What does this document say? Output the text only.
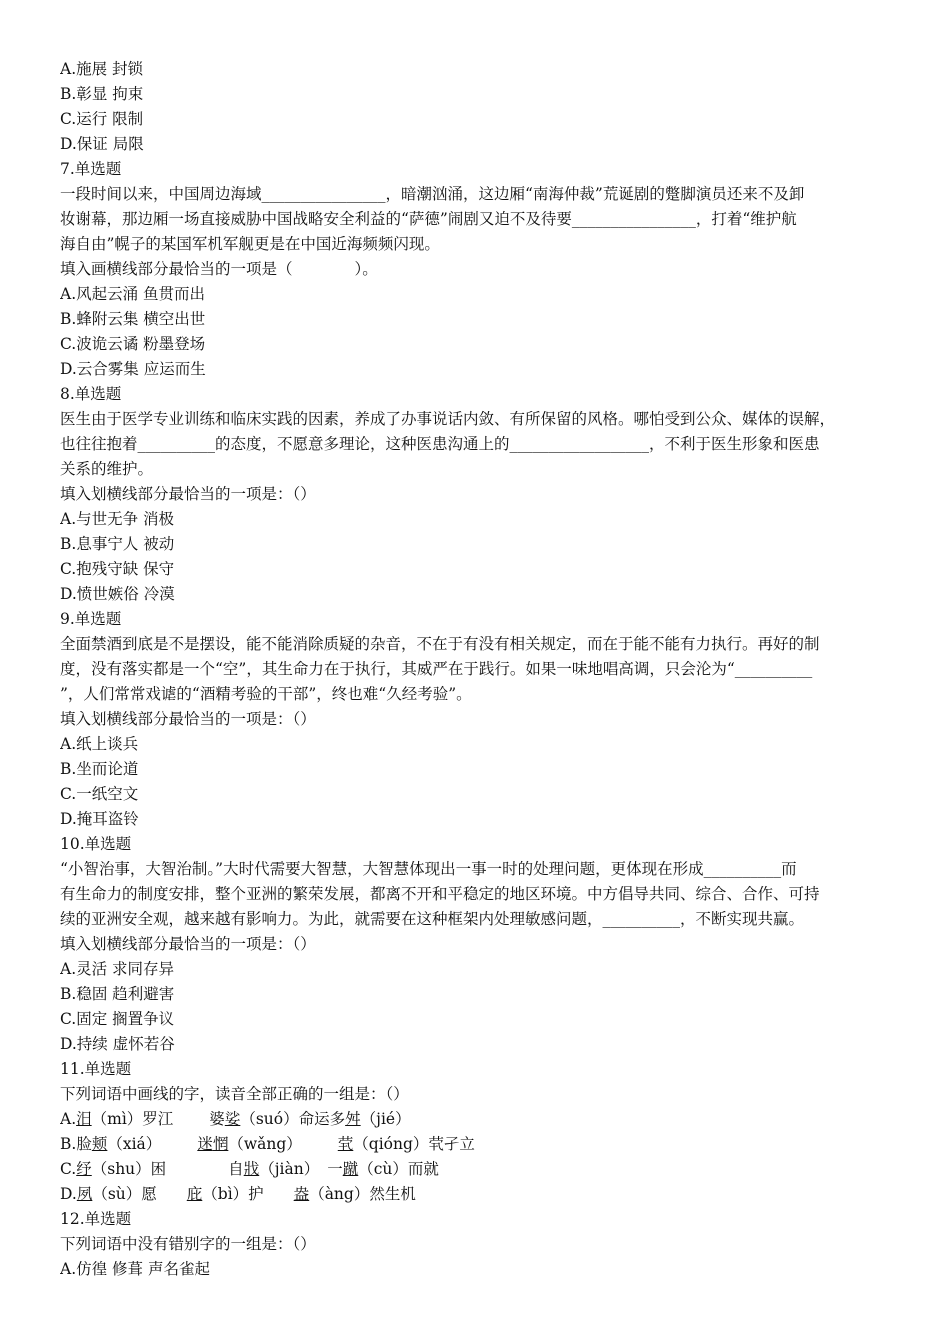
A.施展 封锁
B.彰显 拘束
C.运行 限制
D.保证 局限
7.单选题
一段时间以来，中国周边海域________________，暗潮汹涌，这边厢“南海仲裁”荒诞剧的蹩脚演员还来不及卸
妆谢幕，那边厢一场直接威胁中国战略安全利益的“萨德”闹剧又迫不及待要________________，打着“维护航
海自由”幌子的某国军机军舰更是在中国近海频频闪现。
填入画横线部分最恰当的一项是（　　　　）。
A.风起云涌 鱼贯而出
B.蜂附云集 横空出世
C.波诡云谲 粉墨登场
D.云合雾集 应运而生
8.单选题
医生由于医学专业训练和临床实践的因素，养成了办事说话内敛、有所保留的风格。哪怕受到公众、媒体的误解，
也往往抱着__________的态度，不愿意多理论，这种医患沟通上的__________________，不利于医生形象和医患
关系的维护。
填入划横线部分最恰当的一项是：（）
A.与世无争 消极
B.息事宁人 被动
C.抱残守缺 保守
D.愤世嫉俗 冷漠
9.单选题
全面禁酒到底是不是摆设，能不能消除质疑的杂音，不在于有没有相关规定，而在于能不能有力执行。再好的制
度，没有落实都是一个“空”，其生命力在于执行，其威严在于践行。如果一味地唱高调，只会沦为“__________
”，人们常常戏谑的“酒精考验的干部”，终也难“久经考验”。
填入划横线部分最恰当的一项是：（）
A.纸上谈兵
B.坐而论道
C.一纸空文
D.掩耳盗铃
10.单选题
“小智治事，大智治制。”大时代需要大智慧，大智慧体现出一事一时的处理问题，更体现在形成__________而
有生命力的制度安排，整个亚洲的繁荣发展，都离不开和平稳定的地区环境。中方倡导共同、综合、合作、可持
续的亚洲安全观，越来越有影响力。为此，就需要在这种框架内处理敏感问题，__________，不断实现共赢。
填入划横线部分最恰当的一项是：（）
A.灵活 求同存异
B.稳固 趋利避害
C.固定 搁置争议
D.持续 虚怀若谷
11.单选题
下列词语中画线的字，读音全部正确的一组是：（）
A.汨（mì）罗江 婆娑（suó）命运多舛（jié）
B.脸颊（xiá） 迷惘（wǎng） 茕（qióng）茕孑立
C.纾（shu）困	自戕（jiàn） 一蹴（cù）而就
D.夙（sù）愿 庇（bì）护 盎（àng）然生机
12.单选题
下列词语中没有错别字的一组是：（）
A.仿徨 修葺 声名雀起
